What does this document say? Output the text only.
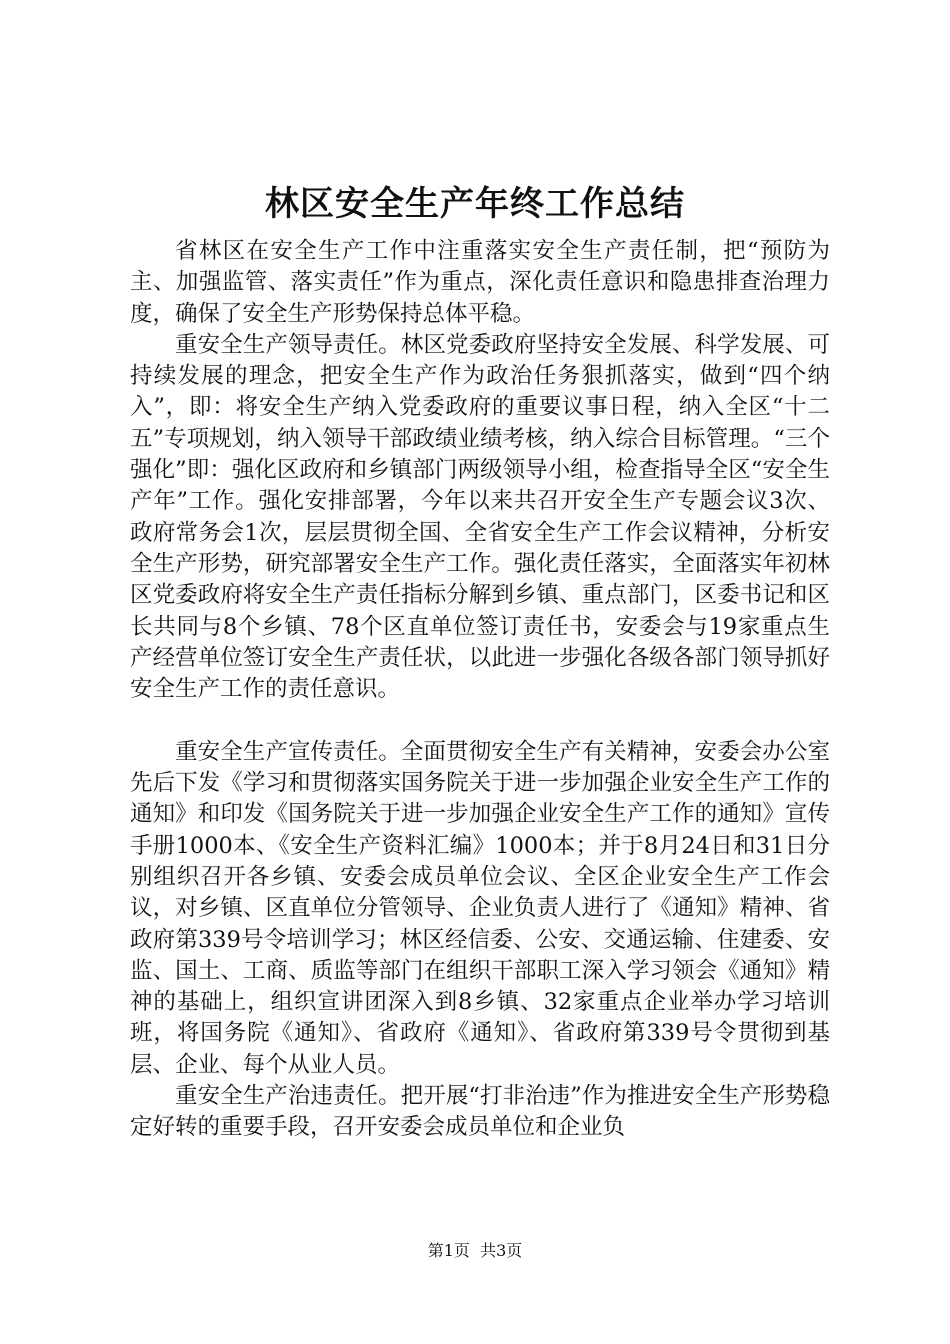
林区安全生产年终工作总结

省林区在安全生产工作中注重落实安全生产责任制，把“预防为主、加强监管、落实责任”作为重点，深化责任意识和隐患排查治理力度，确保了安全生产形势保持总体平稳。

重安全生产领导责任。林区党委政府坚持安全发展、科学发展、可持续发展的理念，把安全生产作为政治任务狠抓落实，做到“四个纳入”，即：将安全生产纳入党委政府的重要议事日程，纳入全区“十二五”专项规划，纳入领导干部政绩业绩考核，纳入综合目标管理。“三个强化”即：强化区政府和乡镇部门两级领导小组，检查指导全区“安全生产年”工作。强化安排部署，今年以来共召开安全生产专题会议3次、政府常务会1次，层层贯彻全国、全省安全生产工作会议精神，分析安全生产形势，研究部署安全生产工作。强化责任落实，全面落实年初林区党委政府将安全生产责任指标分解到乡镇、重点部门，区委书记和区长共同与8个乡镇、78个区直单位签订责任书，安委会与19家重点生产经营单位签订安全生产责任状，以此进一步强化各级各部门领导抓好安全生产工作的责任意识。

重安全生产宣传责任。全面贯彻安全生产有关精神，安委会办公室先后下发《学习和贯彻落实国务院关于进一步加强企业安全生产工作的通知》和印发《国务院关于进一步加强企业安全生产工作的通知》宣传手册1000本、《安全生产资料汇编》1000本；并于8月24日和31日分别组织召开各乡镇、安委会成员单位会议、全区企业安全生产工作会议，对乡镇、区直单位分管领导、企业负责人进行了《通知》精神、省政府第339号令培训学习；林区经信委、公安、交通运输、住建委、安监、国土、工商、质监等部门在组织干部职工深入学习领会《通知》精神的基础上，组织宣讲团深入到8乡镇、32家重点企业举办学习培训班，将国务院《通知》、省政府《通知》、省政府第339号令贯彻到基层、企业、每个从业人员。

重安全生产治违责任。把开展“打非治违”作为推进安全生产形势稳定好转的重要手段，召开安委会成员单位和企业负

第1页 共3页
